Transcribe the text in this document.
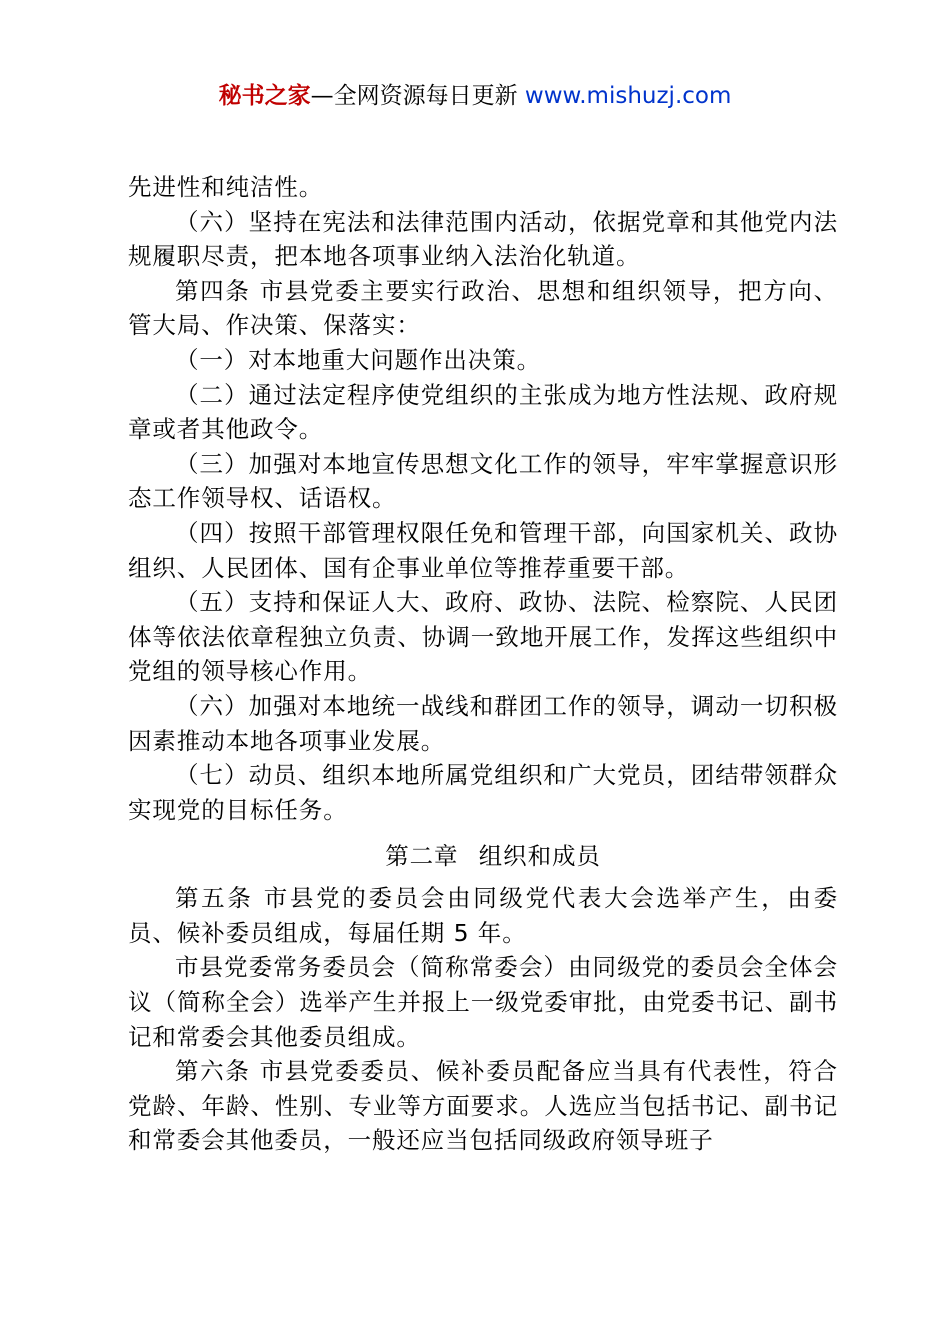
秘书之家—全网资源每日更新 www.mishuzj.com

先进性和纯洁性。

（六）坚持在宪法和法律范围内活动，依据党章和其他党内法规履职尽责，把本地各项事业纳入法治化轨道。

第四条 市县党委主要实行政治、思想和组织领导，把方向、管大局、作决策、保落实：

（一）对本地重大问题作出决策。

（二）通过法定程序使党组织的主张成为地方性法规、政府规章或者其他政令。

（三）加强对本地宣传思想文化工作的领导，牢牢掌握意识形态工作领导权、话语权。

（四）按照干部管理权限任免和管理干部，向国家机关、政协组织、人民团体、国有企事业单位等推荐重要干部。

（五）支持和保证人大、政府、政协、法院、检察院、人民团体等依法依章程独立负责、协调一致地开展工作，发挥这些组织中党组的领导核心作用。

（六）加强对本地统一战线和群团工作的领导，调动一切积极因素推动本地各项事业发展。

（七）动员、组织本地所属党组织和广大党员，团结带领群众实现党的目标任务。

第二章 组织和成员

第五条 市县党的委员会由同级党代表大会选举产生，由委员、候补委员组成，每届任期 5 年。

市县党委常务委员会（简称常委会）由同级党的委员会全体会议（简称全会）选举产生并报上一级党委审批，由党委书记、副书记和常委会其他委员组成。

第六条 市县党委委员、候补委员配备应当具有代表性，符合党龄、年龄、性别、专业等方面要求。人选应当包括书记、副书记和常委会其他委员，一般还应当包括同级政府领导班子
